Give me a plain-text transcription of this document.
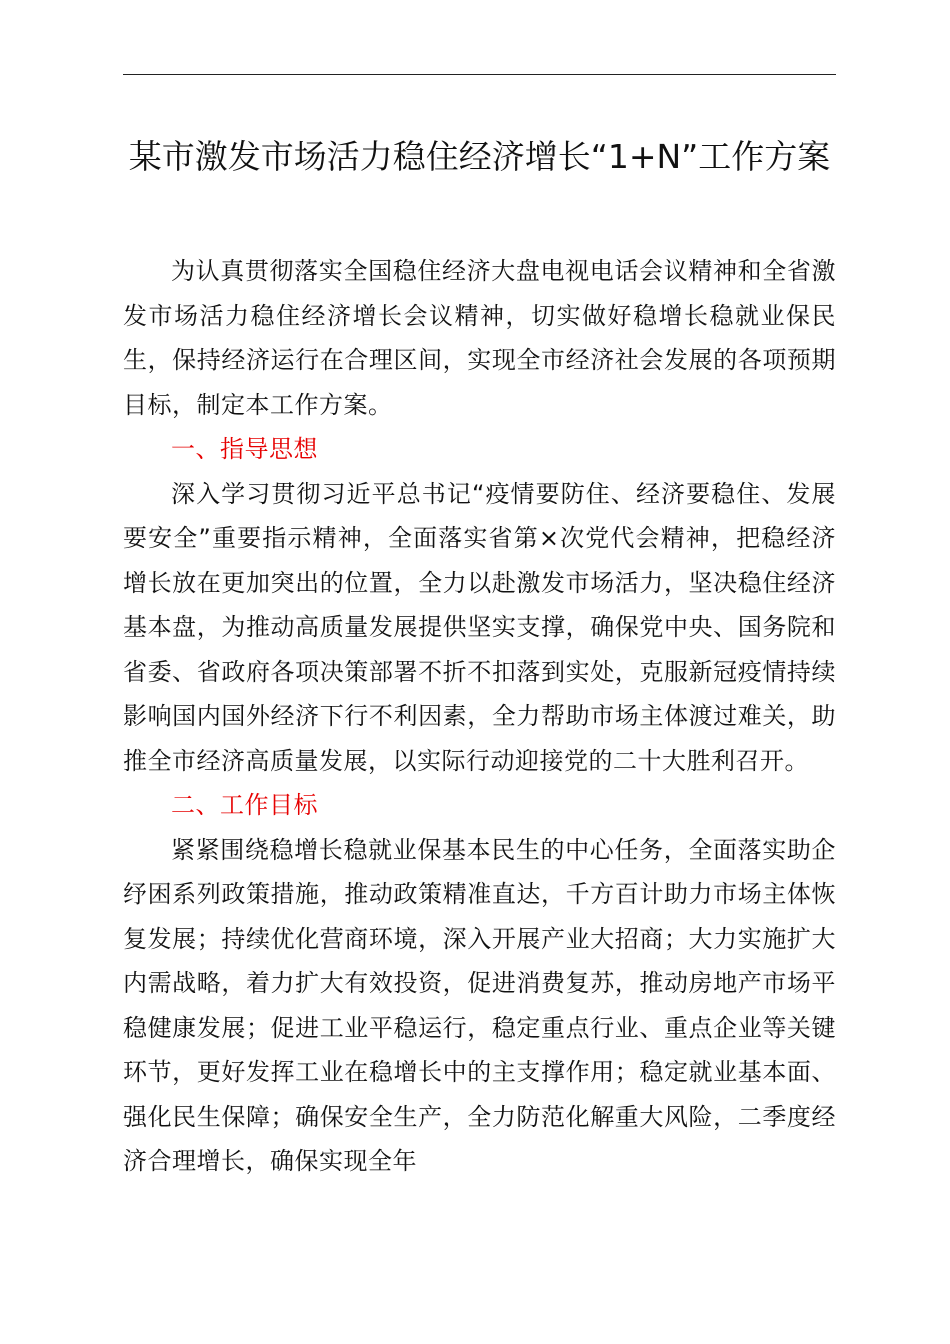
某市激发市场活力稳住经济增长“1+N”工作方案

为认真贯彻落实全国稳住经济大盘电视电话会议精神和全省激发市场活力稳住经济增长会议精神，切实做好稳增长稳就业保民生，保持经济运行在合理区间，实现全市经济社会发展的各项预期目标，制定本工作方案。

一、指导思想

深入学习贯彻习近平总书记“疫情要防住、经济要稳住、发展要安全”重要指示精神，全面落实省第×次党代会精神，把稳经济增长放在更加突出的位置，全力以赴激发市场活力，坚决稳住经济基本盘，为推动高质量发展提供坚实支撑，确保党中央、国务院和省委、省政府各项决策部署不折不扣落到实处，克服新冠疫情持续影响国内国外经济下行不利因素，全力帮助市场主体渡过难关，助推全市经济高质量发展，以实际行动迎接党的二十大胜利召开。

二、工作目标

紧紧围绕稳增长稳就业保基本民生的中心任务，全面落实助企纾困系列政策措施，推动政策精准直达，千方百计助力市场主体恢复发展；持续优化营商环境，深入开展产业大招商；大力实施扩大内需战略，着力扩大有效投资，促进消费复苏，推动房地产市场平稳健康发展；促进工业平稳运行，稳定重点行业、重点企业等关键环节，更好发挥工业在稳增长中的主支撑作用；稳定就业基本面、强化民生保障；确保安全生产，全力防范化解重大风险，二季度经济合理增长，确保实现全年
